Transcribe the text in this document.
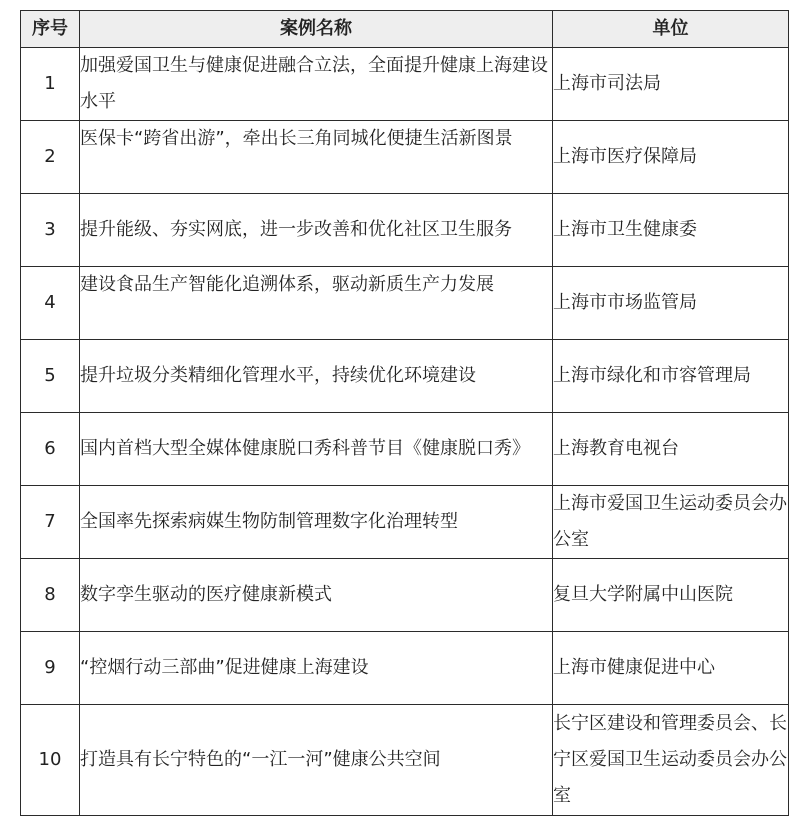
序号	案例名称	单位
1	加强爱国卫生与健康促进融合立法，全面提升健康上海建设水平	上海市司法局
2	医保卡“跨省出游”，牵出长三角同城化便捷生活新图景	上海市医疗保障局
3	提升能级、夯实网底，进一步改善和优化社区卫生服务	上海市卫生健康委
4	建设食品生产智能化追溯体系，驱动新质生产力发展	上海市市场监管局
5	提升垃圾分类精细化管理水平，持续优化环境建设	上海市绿化和市容管理局
6	国内首档大型全媒体健康脱口秀科普节目《健康脱口秀》	上海教育电视台
7	全国率先探索病媒生物防制管理数字化治理转型	上海市爱国卫生运动委员会办公室
8	数字孪生驱动的医疗健康新模式	复旦大学附属中山医院
9	“控烟行动三部曲”促进健康上海建设	上海市健康促进中心
10	打造具有长宁特色的“一江一河”健康公共空间	长宁区建设和管理委员会、长宁区爱国卫生运动委员会办公室
